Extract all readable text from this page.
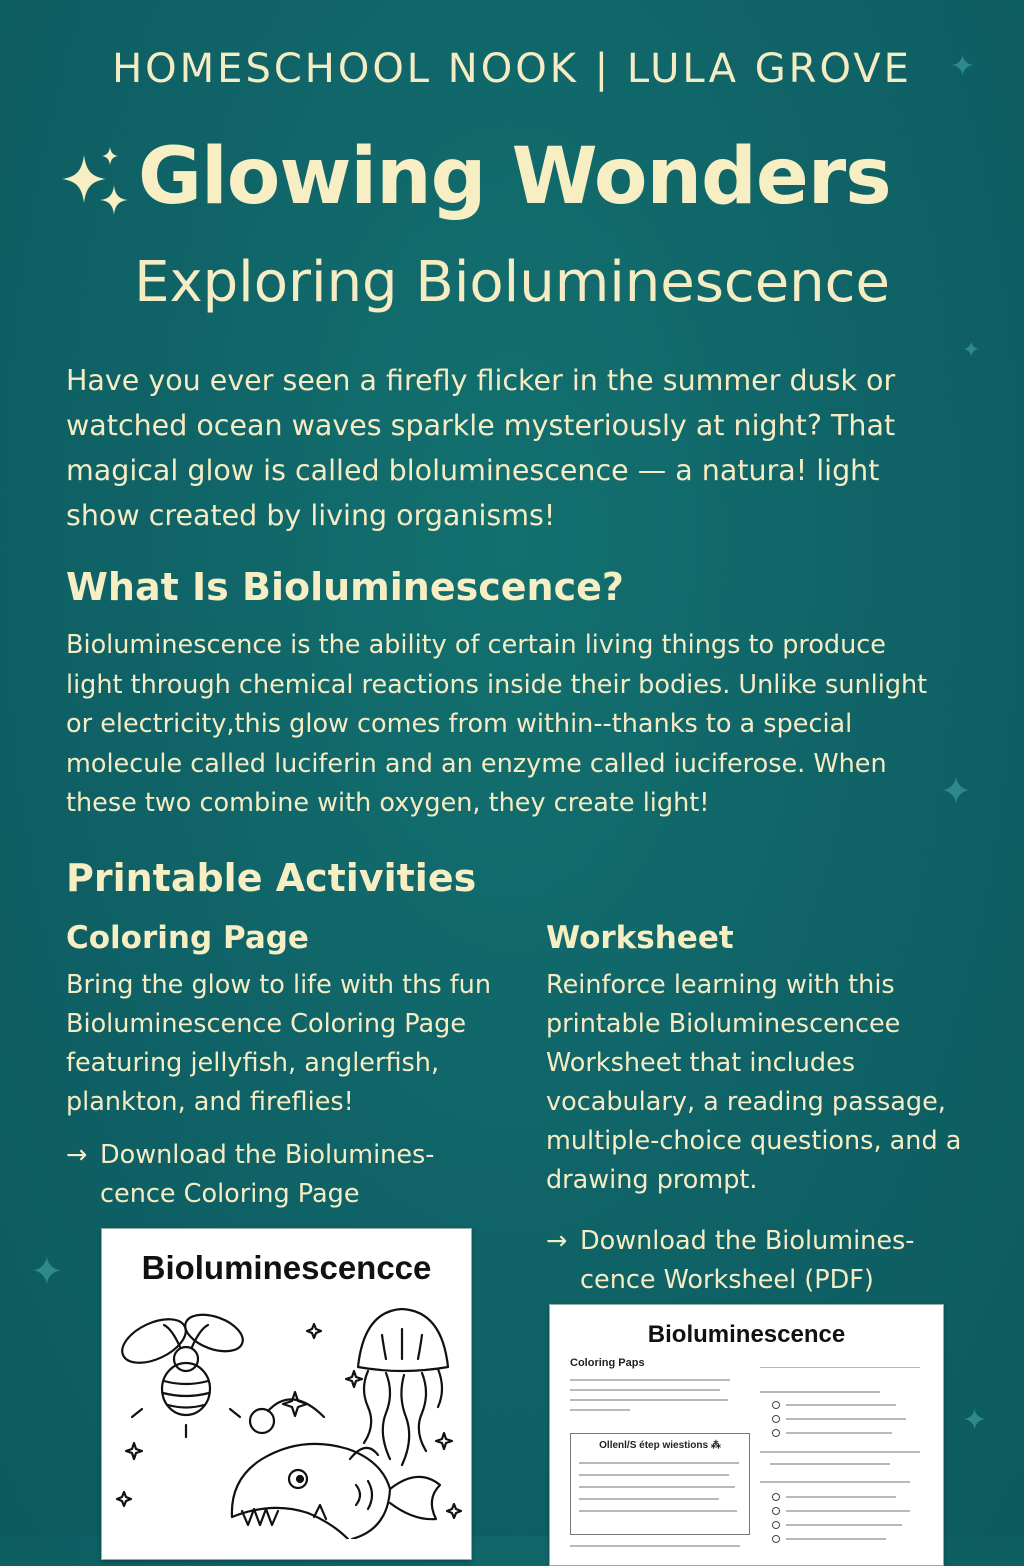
✦
✦
✦
✦
✦
HOMESCHOOL NOOK | LULA GROVE
Glowing Wonders
Exploring Bioluminescence
Have you ever seen a firefly flicker in the summer dusk or watched ocean waves sparkle mysteriously at night? That magical glow is called bloluminescence — a natura! light show created by living organisms!
What Is Bioluminescence?
Bioluminescence is the ability of certain living things to produce light through chemical reactions inside their bodies. Unlike sunlight or electricity,this glow comes from within--thanks to a special molecule called luciferin and an enzyme called iuciferose. When these two combine with oxygen, they create light!
Printable Activities
Coloring Page

Bring the glow to life with ths fun Bioluminescence Coloring Page featuring jellyfish, anglerfish, plankton, and fireflies!

→ Download the Biolumines-cence Coloring Page
Worksheet

Reinforce learning with this printable Bioluminescencee Worksheet that includes vocabulary, a reading passage, multiple-choice questions, and a drawing prompt.

→ Download the Biolumines-cence Worksheel (PDF)
Bioluminescencce
Bioluminescence
Coloring Paps
Ollenl/S étep wiestions ⁂
